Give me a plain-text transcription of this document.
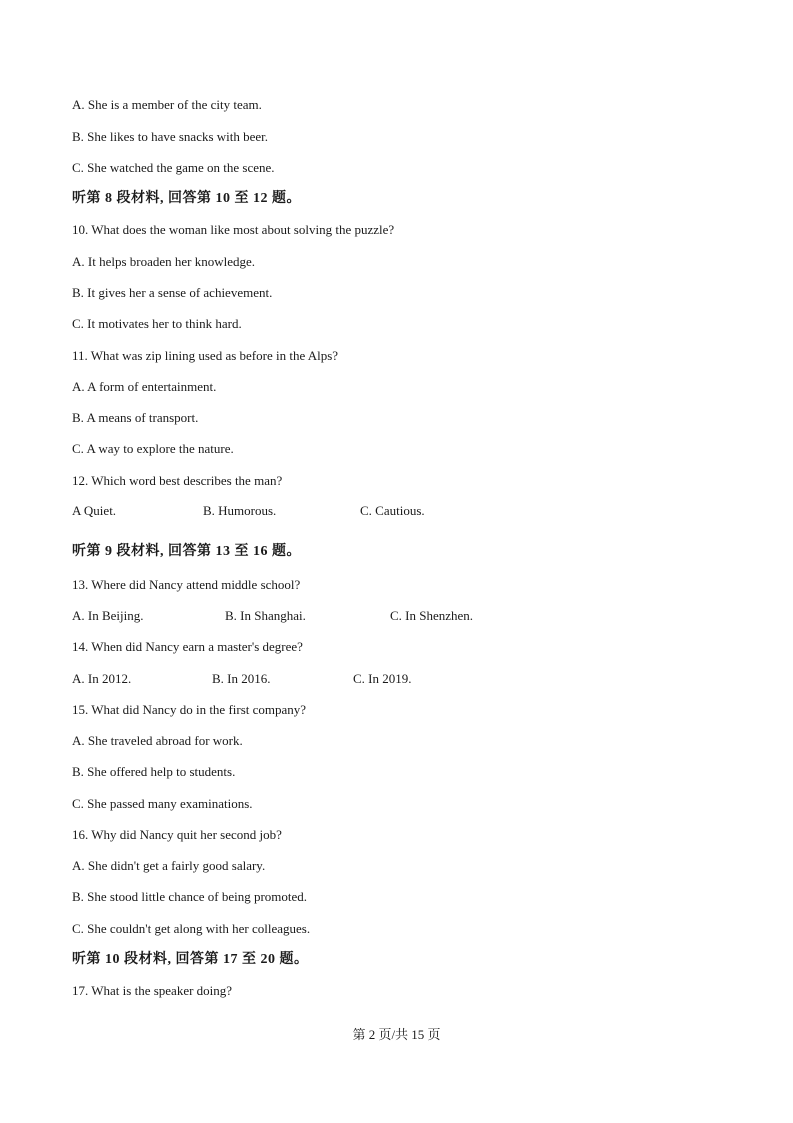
A. She is a member of the city team.
B. She likes to have snacks with beer.
C. She watched the game on the scene.
听第 8 段材料, 回答第 10 至 12 题。
10. What does the woman like most about solving the puzzle?
A. It helps broaden her knowledge.
B. It gives her a sense of achievement.
C. It motivates her to think hard.
11. What was zip lining used as before in the Alps?
A. A form of entertainment.
B. A means of transport.
C. A way to explore the nature.
12. Which word best describes the man?
A Quiet.	B. Humorous.	C. Cautious.
听第 9 段材料, 回答第 13 至 16 题。
13. Where did Nancy attend middle school?
A. In Beijing.	B. In Shanghai.	C. In Shenzhen.
14. When did Nancy earn a master's degree?
A. In 2012.	B. In 2016.	C. In 2019.
15. What did Nancy do in the first company?
A. She traveled abroad for work.
B. She offered help to students.
C. She passed many examinations.
16. Why did Nancy quit her second job?
A. She didn't get a fairly good salary.
B. She stood little chance of being promoted.
C. She couldn't get along with her colleagues.
听第 10 段材料, 回答第 17 至 20 题。
17. What is the speaker doing?
第 2 页/共 15 页
